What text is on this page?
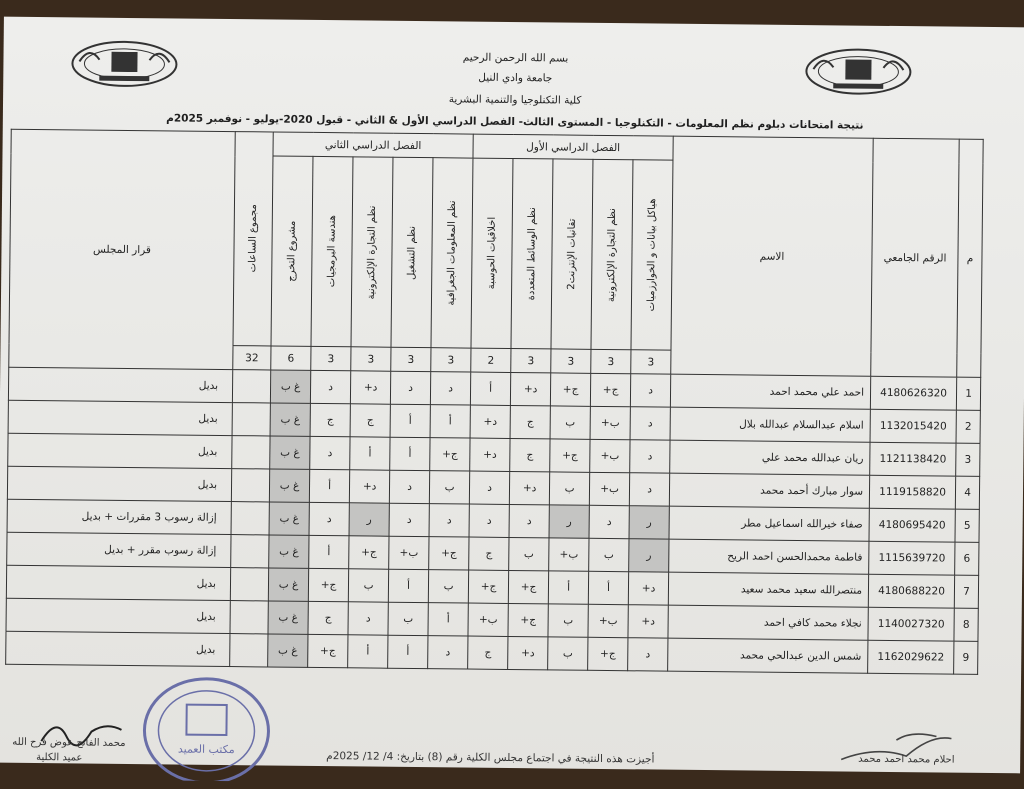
بسم الله الرحمن الرحيم
جامعة وادي النيل
كلية التكنلوجيا والتنمية البشرية
نتيجة امتحانات دبلوم نظم المعلومات - التكنلوجيا - المستوى الثالث- الفصل الدراسي الأول & الثاني - قبول 2020-يوليو - نوفمبر 2025م
م	الرقم الجامعي	الاسم	الفصل الدراسي الأول					الفصل الدراسي الثاني					مجموع الساعات	قرار المجلس

			هياكل بيانات و الخوارزميات	نظم التجارة الإلكترونية	تقانيات الإنترنت2	نظم الوسائط المتعددة	اخلاقيات الحوسبة	نظم المعلومات الجغرافية	نظم التشغيل	نظم التجارة الإلكترونية	هندسة البرمجيات	مشروع التخرج		

			3	3	3	3	2	3	3	3	3	6	32	
1	4180626320	احمد علي محمد احمد	د	ج+	ج+	د+	أ	د	د	د+	د	غ ب		بديل
2	1132015420	اسلام عبدالسلام عبدالله بلال	د	ب+	ب	ج	د+	أ	أ	ج	ج	غ ب		بديل
3	1121138420	ريان عبدالله محمد علي	د	ب+	ج+	ج	د+	ج+	أ	أ	د	غ ب		بديل
4	1119158820	سوار مبارك أحمد محمد	د	ب+	ب	د+	د	ب	د	د+	أ	غ ب		بديل
5	4180695420	صفاء خيرالله اسماعيل مطر	ر	د	ر	د	د	د	د	ر	د	غ ب		إزالة رسوب 3 مقررات + بديل
6	1115639720	فاطمة محمدالحسن احمد الريح	ر	ب	ب+	ب	ج	ج+	ب+	ج+	أ	غ ب		إزالة رسوب مقرر + بديل
7	4180688220	منتصرالله سعيد محمد سعيد	د+	أ	أ	ج+	ج+	ب	أ	ب	ج+	غ ب		بديل
8	1140027320	نجلاء محمد كافي احمد	د+	ب+	ب	ج+	ب+	أ	ب	د	ج	غ ب		بديل
9	1162029622	شمس الدين عبدالحي محمد	د	ج+	ب	د+	ج	د	أ	أ	ج+	غ ب		بديل
مكتب العميد
محمد الفاتح عوض فرح الله
عميد الكلية	أجيزت هذه النتيجة في اجتماع مجلس الكلية رقم (8) بتاريخ: 4/ 12/ 2025م	احلام محمد احمد محمد
